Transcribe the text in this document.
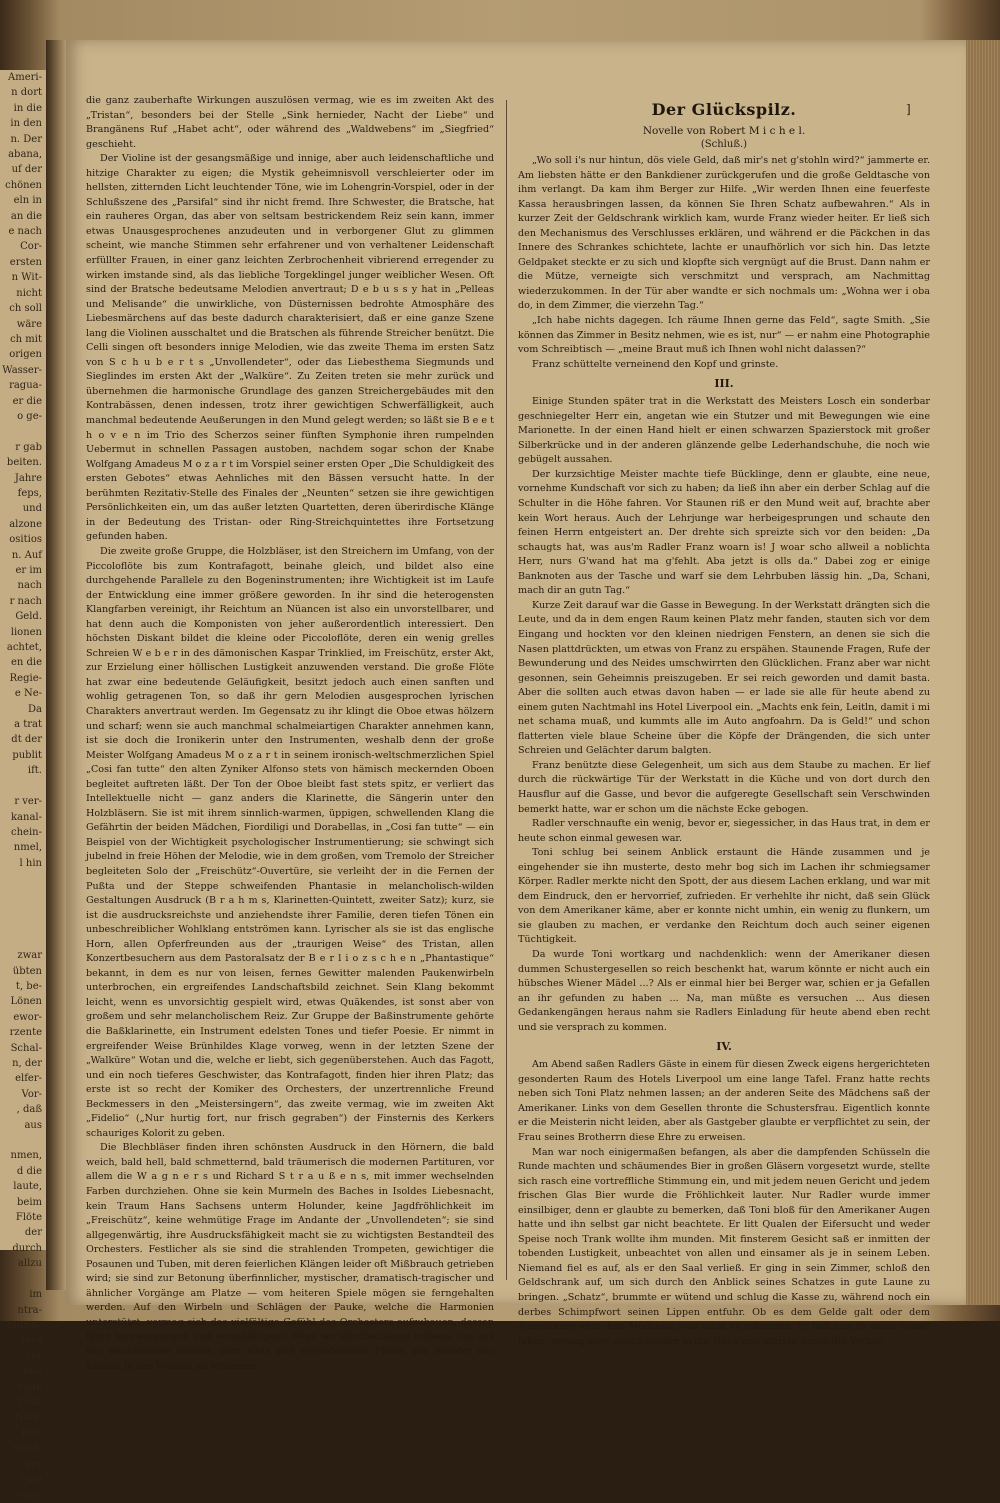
Ameri-
n dort
in die
in den
n. Der
abana,
uf der
chönen
eln in
an die
e nach
Cor-
ersten
n Wit-
nicht
ch soll
wäre
ch mit
origen
Wasser-
ragua-
er die
o ge-

r gab
beiten.
Jahre
feps,
und
alzone
ositios
n. Auf
er im
nach
r nach
Geld.
lionen
achtet,
en die
Regie-
e Ne-
Da
a trat
dt der
publit
ift.

r ver-
kanal-
chein-
nmel,
l hin

zwar
übten
t, be-
Lönen
ewor-
rzente
Schal-
n, der
elfer-
Vor-
, daß
aus

nmen,
d die
laute,
beim
Flöte
der
durch
allzu

im
ntra-
mmen-
mes
der
elle
ende
fünf-
Näfle
füh-
webt.
ner
rum
wird,
]

die ganz zauberhafte Wirkungen auszulösen vermag, wie es im zweiten Akt des „Tristan“, besonders bei der Stelle „Sink hernieder, Nacht der Liebe“ und Brangänens Ruf „Habet acht“, oder während des „Waldwebens“ im „Siegfried“ geschieht.

Der Violine ist der gesangsmäßige und innige, aber auch leidenschaftliche und hitzige Charakter zu eigen; die Mystik geheimnisvoll verschleierter oder im hellsten, zitternden Licht leuchtender Töne, wie im Lohengrin-Vorspiel, oder in der Schlußszene des „Parsifal“ sind ihr nicht fremd. Ihre Schwester, die Bratsche, hat ein rauheres Organ, das aber von seltsam bestrickendem Reiz sein kann, immer etwas Unausgesprochenes anzudeuten und in verborgener Glut zu glimmen scheint, wie manche Stimmen sehr erfahrener und von verhaltener Leidenschaft erfüllter Frauen, in einer ganz leichten Zerbrochenheit vibrierend erregender zu wirken imstande sind, als das liebliche Torgeklingel junger weiblicher Wesen. Oft sind der Bratsche bedeutsame Melodien anvertraut; D e b u s s y hat in „Pelleas und Melisande“ die unwirkliche, von Düsternissen bedrohte Atmosphäre des Liebesmärchens auf das beste dadurch charakterisiert, daß er eine ganze Szene lang die Violinen ausschaltet und die Bratschen als führende Streicher benützt. Die Celli singen oft besonders innige Melodien, wie das zweite Thema im ersten Satz von S c h u b e r t s „Unvollendeter“, oder das Liebesthema Siegmunds und Sieglindes im ersten Akt der „Walküre“. Zu Zeiten treten sie mehr zurück und übernehmen die harmonische Grundlage des ganzen Streichergebäudes mit den Kontrabässen, denen indessen, trotz ihrer gewichtigen Schwerfälligkeit, auch manchmal bedeutende Aeußerungen in den Mund gelegt werden; so läßt sie B e e t h o v e n im Trio des Scherzos seiner fünften Symphonie ihren rumpelnden Uebermut in schnellen Passagen austoben, nachdem sogar schon der Knabe Wolfgang Amadeus M o z a r t im Vorspiel seiner ersten Oper „Die Schuldigkeit des ersten Gebotes“ etwas Aehnliches mit den Bässen versucht hatte. In der berühmten Rezitativ-Stelle des Finales der „Neunten“ setzen sie ihre gewichtigen Persönlichkeiten ein, um das außer letzten Quartetten, deren überirdische Klänge in der Bedeutung des Tristan- oder Ring-Streichquintettes ihre Fortsetzung gefunden haben.

Die zweite große Gruppe, die Holzbläser, ist den Streichern im Umfang, von der Piccoloflöte bis zum Kontrafagott, beinahe gleich, und bildet also eine durchgehende Parallele zu den Bogeninstrumenten; ihre Wichtigkeit ist im Laufe der Entwicklung eine immer größere geworden. In ihr sind die heterogensten Klangfarben vereinigt, ihr Reichtum an Nüancen ist also ein unvorstellbarer, und hat denn auch die Komponisten von jeher außerordentlich interessiert. Den höchsten Diskant bildet die kleine oder Piccoloflöte, deren ein wenig grelles Schreien W e b e r in des dämonischen Kaspar Trinklied, im Freischütz, erster Akt, zur Erzielung einer höllischen Lustigkeit anzuwenden verstand. Die große Flöte hat zwar eine bedeutende Geläufigkeit, besitzt jedoch auch einen sanften und wohlig getragenen Ton, so daß ihr gern Melodien ausgesprochen lyrischen Charakters anvertraut werden. Im Gegensatz zu ihr klingt die Oboe etwas hölzern und scharf; wenn sie auch manchmal schalmeiartigen Charakter annehmen kann, ist sie doch die Ironikerin unter den Instrumenten, weshalb denn der große Meister Wolfgang Amadeus M o z a r t in seinem ironisch-weltschmerzlichen Spiel „Cosi fan tutte“ den alten Zyniker Alfonso stets von hämisch meckernden Oboen begleitet auftreten läßt. Der Ton der Oboe bleibt fast stets spitz, er verliert das Intellektuelle nicht — ganz anders die Klarinette, die Sängerin unter den Holzbläsern. Sie ist mit ihrem sinnlich-warmen, üppigen, schwellenden Klang die Gefährtin der beiden Mädchen, Fiordiligi und Dorabellas, in „Cosi fan tutte“ — ein Beispiel von der Wichtigkeit psychologischer Instrumentierung; sie schwingt sich jubelnd in freie Höhen der Melodie, wie in dem großen, vom Tremolo der Streicher begleiteten Solo der „Freischütz“-Ouvertüre, sie verleiht der in die Fernen der Pußta und der Steppe schweifenden Phantasie in melancholisch-wilden Gestaltungen Ausdruck (B r a h m s, Klarinetten-Quintett, zweiter Satz); kurz, sie ist die ausdrucksreichste und anziehendste ihrer Familie, deren tiefen Tönen ein unbeschreiblicher Wohlklang entströmen kann. Lyrischer als sie ist das englische Horn, allen Opferfreunden aus der „traurigen Weise“ des Tristan, allen Konzertbesuchern aus dem Pastoralsatz der B e r l i o z s c h e n „Phantastique“ bekannt, in dem es nur von leisen, fernes Gewitter malenden Paukenwirbeln unterbrochen, ein ergreifendes Landschaftsbild zeichnet. Sein Klang bekommt leicht, wenn es unvorsichtig gespielt wird, etwas Quäkendes, ist sonst aber von großem und sehr melancholischem Reiz. Zur Gruppe der Baßinstrumente gehörte die Baßklarinette, ein Instrument edelsten Tones und tiefer Poesie. Er nimmt in ergreifender Weise Brünhildes Klage vorweg, wenn in der letzten Szene der „Walküre“ Wotan und die, welche er liebt, sich gegenüberstehen. Auch das Fagott, und ein noch tieferes Geschwister, das Kontrafagott, finden hier ihren Platz; das erste ist so recht der Komiker des Orchesters, der unzertrennliche Freund Beckmessers in den „Meistersingern“, das zweite vermag, wie im zweiten Akt „Fidelio“ („Nur hurtig fort, nur frisch gegraben“) der Finsternis des Kerkers schauriges Kolorit zu geben.

Die Blechbläser finden ihren schönsten Ausdruck in den Hörnern, die bald weich, bald hell, bald schmetternd, bald träumerisch die modernen Partituren, vor allem die W a g n e r s und Richard S t r a u ß e n s, mit immer wechselnden Farben durchziehen. Ohne sie kein Murmeln des Baches in Isoldes Liebesnacht, kein Traum Hans Sachsens unterm Holunder, keine Jagdfröhlichkeit im „Freischütz“, keine wehmütige Frage im Andante der „Unvollendeten“; sie sind allgegenwärtig, ihre Ausdrucksfähigkeit macht sie zu wichtigsten Bestandteil des Orchesters. Festlicher als sie sind die strahlenden Trompeten, gewichtiger die Posaunen und Tuben, mit deren feierlichen Klängen leider oft Mißbrauch getrieben wird; sie sind zur Betonung überfinnlicher, mystischer, dramatisch-tragischer und ähnlicher Vorgänge am Platze — vom heiteren Spiele mögen sie ferngehalten werden. Auf den Wirbeln und Schlägen der Pauke, welche die Harmonien unterstützt, vermag sich das vielfältige Gefühl des Orchesters aufzubauen, dessen feine Verzweigungen und verschlungene Wege wir durchschauen müssen, um aus der wechselnden Gestalt, dem stets sich verändernden Flusse das Wunder der Einheit in der Vielheit zu erkennen.

Der Glückspilz.
Novelle von Robert M i c h e l.
(Schluß.)

„Wo soll i's nur hintun, dös viele Geld, daß mir's net g'stohln wird?“ jammerte er. Am liebsten hätte er den Bankdiener zurückgerufen und die große Geldtasche von ihm verlangt. Da kam ihm Berger zur Hilfe. „Wir werden Ihnen eine feuerfeste Kassa herausbringen lassen, da können Sie Ihren Schatz aufbewahren.“ Als in kurzer Zeit der Geldschrank wirklich kam, wurde Franz wieder heiter. Er ließ sich den Mechanismus des Verschlusses erklären, und während er die Päckchen in das Innere des Schrankes schichtete, lachte er unaufhörlich vor sich hin. Das letzte Geldpaket steckte er zu sich und klopfte sich vergnügt auf die Brust. Dann nahm er die Mütze, verneigte sich verschmitzt und versprach, am Nachmittag wiederzukommen. In der Tür aber wandte er sich nochmals um: „Wohna wer i oba do, in dem Zimmer, die vierzehn Tag.“

„Ich habe nichts dagegen. Ich räume Ihnen gerne das Feld“, sagte Smith. „Sie können das Zimmer in Besitz nehmen, wie es ist, nur“ — er nahm eine Photographie vom Schreibtisch — „meine Braut muß ich Ihnen wohl nicht dalassen?“

Franz schüttelte verneinend den Kopf und grinste.

III.

Einige Stunden später trat in die Werkstatt des Meisters Losch ein sonderbar geschniegelter Herr ein, angetan wie ein Stutzer und mit Bewegungen wie eine Marionette. In der einen Hand hielt er einen schwarzen Spazierstock mit großer Silberkrücke und in der anderen glänzende gelbe Lederhandschuhe, die noch wie gebügelt aussahen.

Der kurzsichtige Meister machte tiefe Bücklinge, denn er glaubte, eine neue, vornehme Kundschaft vor sich zu haben; da ließ ihn aber ein derber Schlag auf die Schulter in die Höhe fahren. Vor Staunen riß er den Mund weit auf, brachte aber kein Wort heraus. Auch der Lehrjunge war herbeigesprungen und schaute den feinen Herrn entgeistert an. Der drehte sich spreizte sich vor den beiden: „Da schaugts hat, was aus'm Radler Franz woarn is! J woar scho allweil a noblichta Herr, nurs G'wand hat ma g'fehlt. Aba jetzt is olls da.“ Dabei zog er einige Banknoten aus der Tasche und warf sie dem Lehrbuben lässig hin. „Da, Schani, mach dir an gutn Tag.“

Kurze Zeit darauf war die Gasse in Bewegung. In der Werkstatt drängten sich die Leute, und da in dem engen Raum keinen Platz mehr fanden, stauten sich vor dem Eingang und hockten vor den kleinen niedrigen Fenstern, an denen sie sich die Nasen plattdrückten, um etwas von Franz zu erspähen. Staunende Fragen, Rufe der Bewunderung und des Neides umschwirrten den Glücklichen. Franz aber war nicht gesonnen, sein Geheimnis preiszugeben. Er sei reich geworden und damit basta. Aber die sollten auch etwas davon haben — er lade sie alle für heute abend zu einem guten Nachtmahl ins Hotel Liverpool ein. „Machts enk fein, Leitln, damit i mi net schama muaß, und kummts alle im Auto angfoahrn. Da is Geld!“ und schon flatterten viele blaue Scheine über die Köpfe der Drängenden, die sich unter Schreien und Gelächter darum balgten.

Franz benützte diese Gelegenheit, um sich aus dem Staube zu machen. Er lief durch die rückwärtige Tür der Werkstatt in die Küche und von dort durch den Hausflur auf die Gasse, und bevor die aufgeregte Gesellschaft sein Verschwinden bemerkt hatte, war er schon um die nächste Ecke gebogen.

Radler verschnaufte ein wenig, bevor er, siegessicher, in das Haus trat, in dem er heute schon einmal gewesen war.

Toni schlug bei seinem Anblick erstaunt die Hände zusammen und je eingehender sie ihn musterte, desto mehr bog sich im Lachen ihr schmiegsamer Körper. Radler merkte nicht den Spott, der aus diesem Lachen erklang, und war mit dem Eindruck, den er hervorrief, zufrieden. Er verhehlte ihr nicht, daß sein Glück von dem Amerikaner käme, aber er konnte nicht umhin, ein wenig zu flunkern, um sie glauben zu machen, er verdanke den Reichtum doch auch seiner eigenen Tüchtigkeit.

Da wurde Toni wortkarg und nachdenklich: wenn der Amerikaner diesen dummen Schustergesellen so reich beschenkt hat, warum könnte er nicht auch ein hübsches Wiener Mädel ...? Als er einmal hier bei Berger war, schien er ja Gefallen an ihr gefunden zu haben ... Na, man müßte es versuchen ... Aus diesen Gedankengängen heraus nahm sie Radlers Einladung für heute abend eben recht und sie versprach zu kommen.

IV.

Am Abend saßen Radlers Gäste in einem für diesen Zweck eigens hergerichteten gesonderten Raum des Hotels Liverpool um eine lange Tafel. Franz hatte rechts neben sich Toni Platz nehmen lassen; an der anderen Seite des Mädchens saß der Amerikaner. Links von dem Gesellen thronte die Schustersfrau. Eigentlich konnte er die Meisterin nicht leiden, aber als Gastgeber glaubte er verpflichtet zu sein, der Frau seines Brotherrn diese Ehre zu erweisen.

Man war noch einigermaßen befangen, als aber die dampfenden Schüsseln die Runde machten und schäumendes Bier in großen Gläsern vorgesetzt wurde, stellte sich rasch eine vortreffliche Stimmung ein, und mit jedem neuen Gericht und jedem frischen Glas Bier wurde die Fröhlichkeit lauter. Nur Radler wurde immer einsilbiger, denn er glaubte zu bemerken, daß Toni bloß für den Amerikaner Augen hatte und ihn selbst gar nicht beachtete. Er litt Qualen der Eifersucht und weder Speise noch Trank wollte ihm munden. Mit finsterem Gesicht saß er inmitten der tobenden Lustigkeit, unbeachtet von allen und einsamer als je in seinem Leben. Niemand fiel es auf, als er den Saal verließ. Er ging in sein Zimmer, schloß den Geldschrank auf, um sich durch den Anblick seines Schatzes in gute Laune zu bringen. „Schatz“, brummte er wütend und schlug die Kasse zu, während noch ein derbes Schimpfwort seinen Lippen entfuhr. Ob es dem Gelde galt oder dem Amerikaner oder dem Mädchen, war nicht zu erkennen. Er ließ sich in einen Sessel fallen, sprang aber gleich wieder in die Höhe und stürzte durch die Verbin-
